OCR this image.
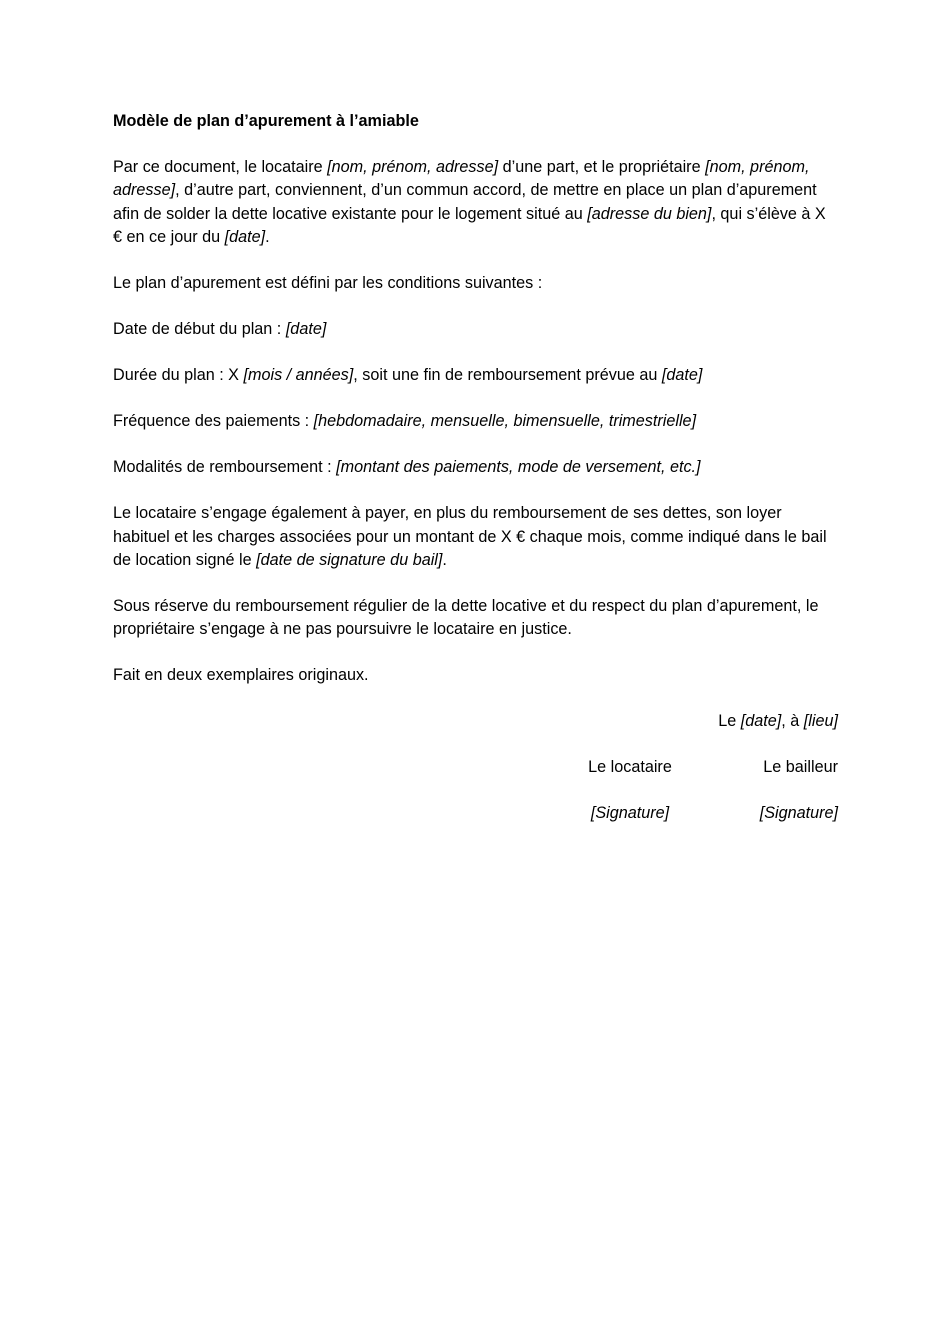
Modèle de plan d’apurement à l’amiable

Par ce document, le locataire [nom, prénom, adresse] d’une part, et le propriétaire [nom, prénom, adresse], d’autre part, conviennent, d’un commun accord, de mettre en place un plan d’apurement afin de solder la dette locative existante pour le logement situé au [adresse du bien], qui s’élève à X € en ce jour du [date].

Le plan d’apurement est défini par les conditions suivantes :

Date de début du plan : [date]

Durée du plan : X [mois / années], soit une fin de remboursement prévue au [date]

Fréquence des paiements : [hebdomadaire, mensuelle, bimensuelle, trimestrielle]

Modalités de remboursement : [montant des paiements, mode de versement, etc.]

Le locataire s’engage également à payer, en plus du remboursement de ses dettes, son loyer habituel et les charges associées pour un montant de X € chaque mois, comme indiqué dans le bail de location signé le [date de signature du bail].

Sous réserve du remboursement régulier de la dette locative et du respect du plan d’apurement, le propriétaire s’engage à ne pas poursuivre le locataire en justice.

Fait en deux exemplaires originaux.

Le [date], à [lieu]

Le locataire	Le bailleur
[Signature]	[Signature]
